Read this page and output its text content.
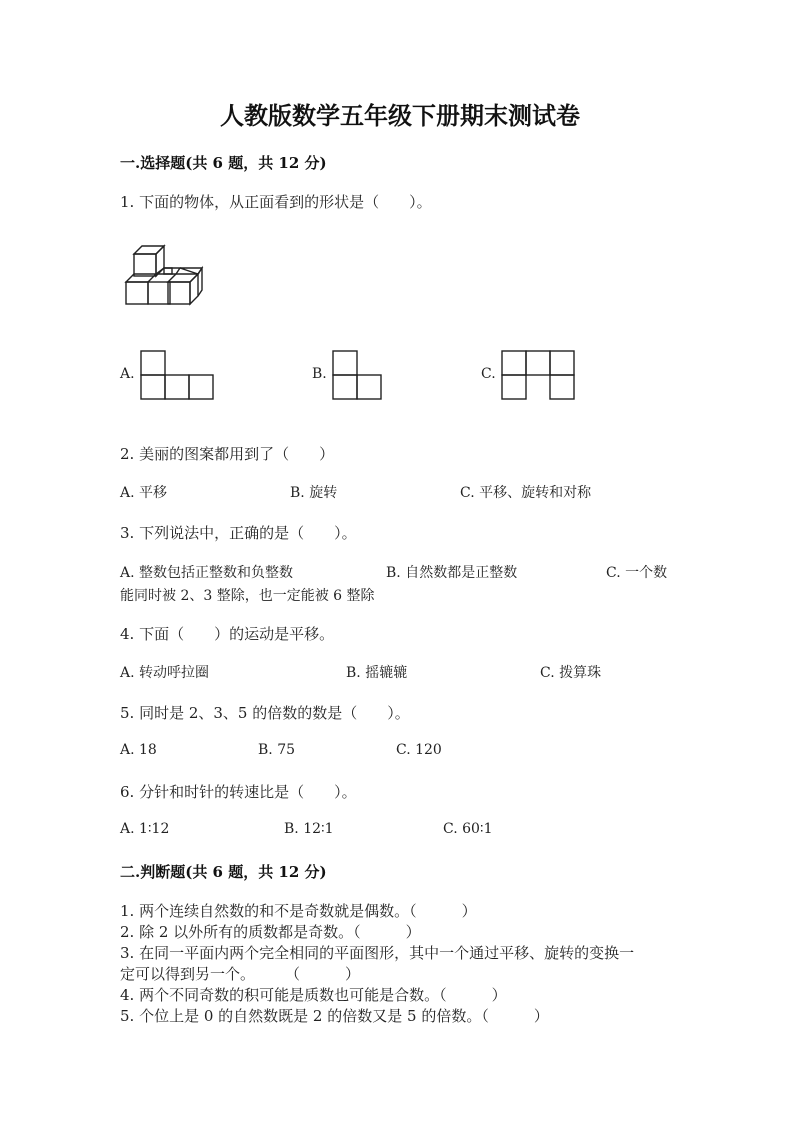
人教版数学五年级下册期末测试卷
一.选择题(共 6 题，共 12 分)
1. 下面的物体，从正面看到的形状是（　　）。
A.	B.	C.
2. 美丽的图案都用到了（　　）
A. 平移	B. 旋转	C. 平移、旋转和对称
3. 下列说法中，正确的是（　　）。
A. 整数包括正整数和负整数	B. 自然数都是正整数	C. 一个数
能同时被 2、3 整除，也一定能被 6 整除
4. 下面（　　）的运动是平移。
A. 转动呼拉圈	B. 摇辘辘	C. 拨算珠
5. 同时是 2、3、5 的倍数的数是（　　）。
A. 18	B. 75	C. 120
6. 分针和时针的转速比是（　　）。
A. 1∶12	B. 12∶1	C. 60∶1
二.判断题(共 6 题，共 12 分)
1. 两个连续自然数的和不是奇数就是偶数。（　　　）
2. 除 2 以外所有的质数都是奇数。（　　　）
3. 在同一平面内两个完全相同的平面图形，其中一个通过平移、旋转的变换一
定可以得到另一个。　　　（　　　）
4. 两个不同奇数的积可能是质数也可能是合数。（　　　）
5. 个位上是 0 的自然数既是 2 的倍数又是 5 的倍数。（　　　）
